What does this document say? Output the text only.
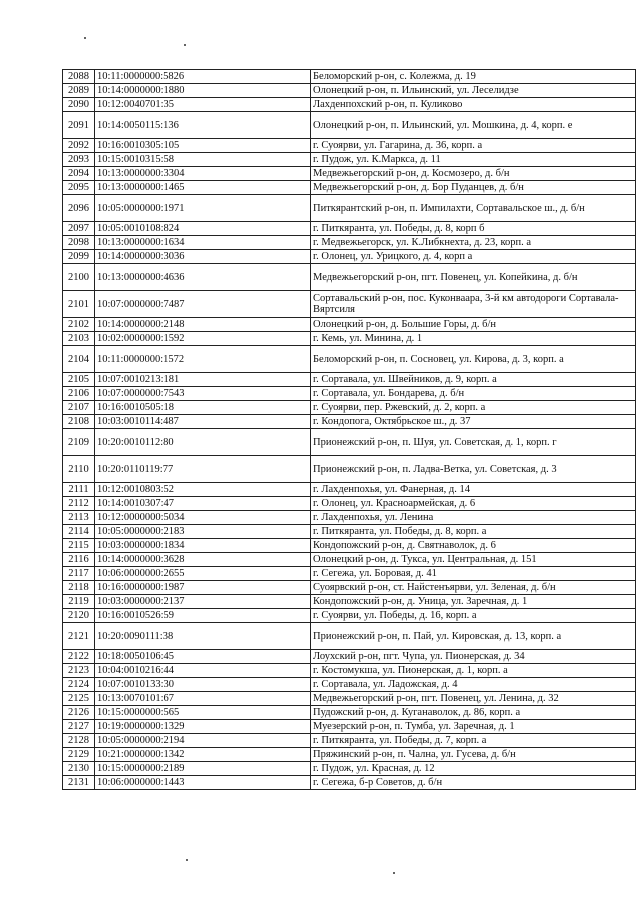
2088	10:11:0000000:5826	Беломорский р-он, с. Колежма, д. 19
2089	10:14:0000000:1880	Олонецкий р-он, п. Ильинский, ул. Леселидзе
2090	10:12:0040701:35	Лахденпохский р-он, п. Куликово
2091	10:14:0050115:136	Олонецкий р-он, п. Ильинский, ул. Мошкина, д. 4, корп. е
2092	10:16:0010305:105	г. Суоярви, ул. Гагарина, д. 36, корп. а
2093	10:15:0010315:58	г. Пудож, ул. К.Маркса, д. 11
2094	10:13:0000000:3304	Медвежьегорский р-он, д. Космозеро, д. б/н
2095	10:13:0000000:1465	Медвежьегорский р-он, д. Бор Пуданцев, д. б/н
2096	10:05:0000000:1971	Питкярантский р-он, п. Импилахти, Сортавальское ш., д. б/н
2097	10:05:0010108:824	г. Питкяранта, ул. Победы, д. 8, корп б
2098	10:13:0000000:1634	г. Медвежьегорск, ул. К.Либкнехта, д. 23, корп. а
2099	10:14:0000000:3036	г. Олонец, ул. Урицкого, д. 4, корп а
2100	10:13:0000000:4636	Медвежьегорский р-он, пгт. Повенец, ул. Копейкина, д. б/н
2101	10:07:0000000:7487	Сортавальский р-он, пос. Куконваара, 3-й км автодороги Сортавала-Вяртсиля
2102	10:14:0000000:2148	Олонецкий р-он, д. Большие Горы, д. б/н
2103	10:02:0000000:1592	г. Кемь, ул. Минина, д. 1
2104	10:11:0000000:1572	Беломорский р-он, п. Сосновец, ул. Кирова, д. 3, корп. а
2105	10:07:0010213:181	г. Сортавала, ул. Швейников, д. 9, корп. а
2106	10:07:0000000:7543	г. Сортавала, ул. Бондарева, д. б/н
2107	10:16:0010505:18	г. Суоярви, пер. Ржевский, д. 2, корп. а
2108	10:03:0010114:487	г. Кондопога, Октябрьское ш., д. 37
2109	10:20:0010112:80	Прионежский р-он, п. Шуя, ул. Советская, д. 1, корп. г
2110	10:20:0110119:77	Прионежский р-он, п. Ладва-Ветка, ул. Советская, д. 3
2111	10:12:0010803:52	г. Лахденпохья, ул. Фанерная, д. 14
2112	10:14:0010307:47	г. Олонец, ул. Красноармейская, д. 6
2113	10:12:0000000:5034	г. Лахденпохья, ул. Ленина
2114	10:05:0000000:2183	г. Питкяранта, ул. Победы, д. 8, корп. а
2115	10:03:0000000:1834	Кондопожский р-он, д. Святнаволок, д. 6
2116	10:14:0000000:3628	Олонецкий р-он, д. Тукса, ул. Центральная, д. 151
2117	10:06:0000000:2655	г. Сегежа, ул. Боровая, д. 41
2118	10:16:0000000:1987	Суоярвский р-он, ст. Найстенъярви, ул. Зеленая, д. б/н
2119	10:03:0000000:2137	Кондопожский р-он, д. Уница, ул. Заречная, д. 1
2120	10:16:0010526:59	г. Суоярви, ул. Победы, д. 16, корп. а
2121	10:20:0090111:38	Прионежский р-он, п. Пай, ул. Кировская, д. 13, корп. а
2122	10:18:0050106:45	Лоухский р-он, пгт. Чупа, ул. Пионерская, д. 34
2123	10:04:0010216:44	г. Костомукша, ул. Пионерская, д. 1, корп. а
2124	10:07:0010133:30	г. Сортавала, ул. Ладожская, д. 4
2125	10:13:0070101:67	Медвежьегорский р-он, пгт. Повенец, ул. Ленина, д. 32
2126	10:15:0000000:565	Пудожский р-он, д. Куганаволок, д. 86, корп. а
2127	10:19:0000000:1329	Муезерский р-он, п. Тумба, ул. Заречная, д. 1
2128	10:05:0000000:2194	г. Питкяранта, ул. Победы, д. 7, корп. а
2129	10:21:0000000:1342	Пряжинский р-он, п. Чална, ул. Гусева, д. б/н
2130	10:15:0000000:2189	г. Пудож, ул. Красная, д. 12
2131	10:06:0000000:1443	г. Сегежа, б-р Советов, д. б/н
